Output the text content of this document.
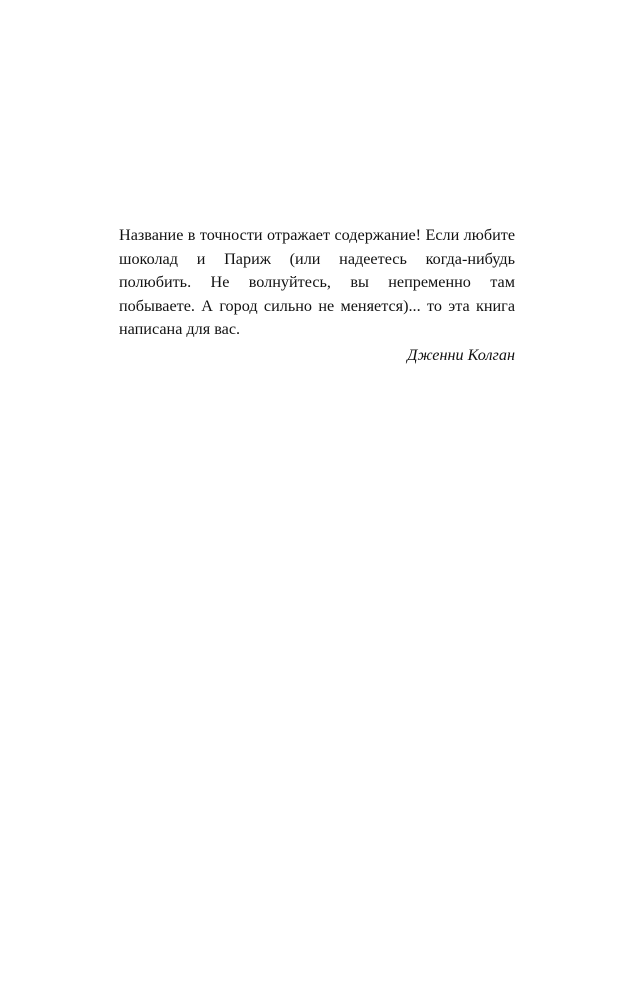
Название в точности отражает содержание! Если любите шоколад и Париж (или надеетесь когда-нибудь полюбить. Не волнуйтесь, вы непременно там побываете. А город сильно не меняется)... то эта книга написана для вас.

Дженни Колган
